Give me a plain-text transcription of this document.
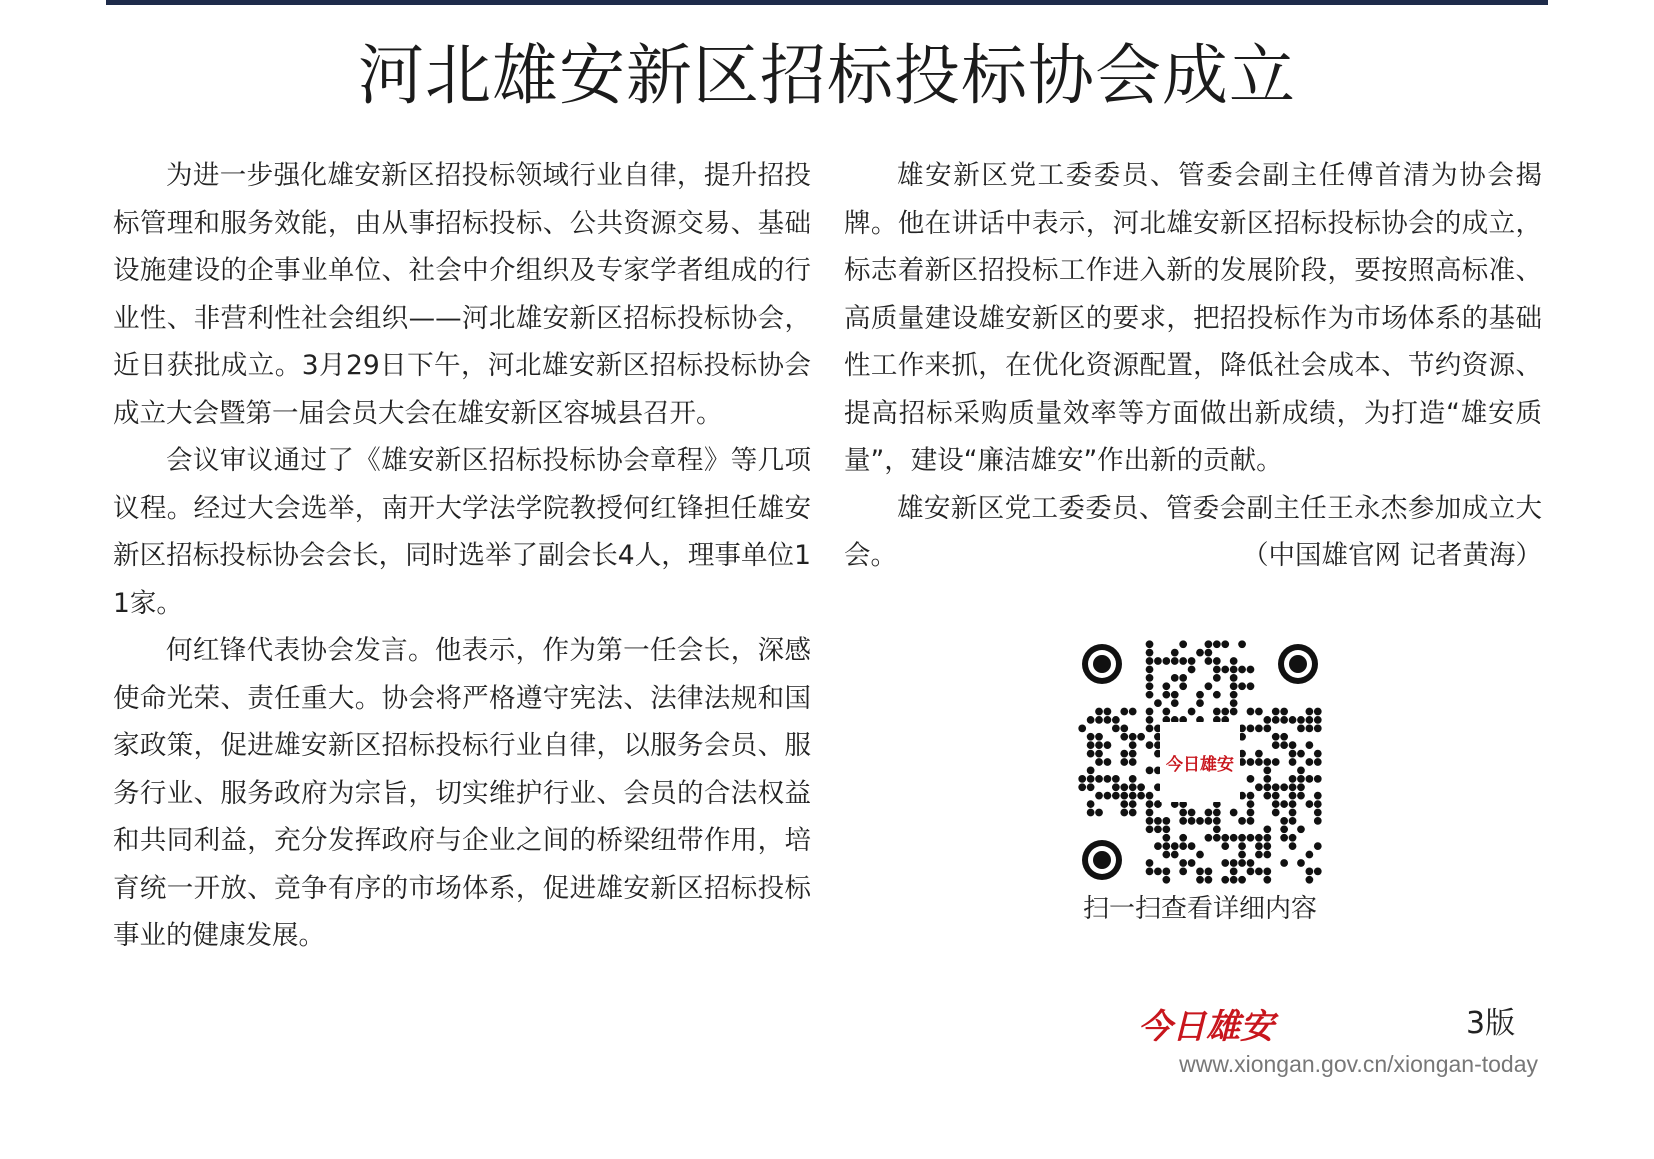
河北雄安新区招标投标协会成立

为进一步强化雄安新区招投标领域行业自律，提升招投标管理和服务效能，由从事招标投标、公共资源交易、基础设施建设的企事业单位、社会中介组织及专家学者组成的行业性、非营利性社会组织——河北雄安新区招标投标协会，近日获批成立。3月29日下午，河北雄安新区招标投标协会成立大会暨第一届会员大会在雄安新区容城县召开。

会议审议通过了《雄安新区招标投标协会章程》等几项议程。经过大会选举，南开大学法学院教授何红锋担任雄安新区招标投标协会会长，同时选举了副会长4人，理事单位11家。

何红锋代表协会发言。他表示，作为第一任会长，深感使命光荣、责任重大。协会将严格遵守宪法、法律法规和国家政策，促进雄安新区招标投标行业自律，以服务会员、服务行业、服务政府为宗旨，切实维护行业、会员的合法权益和共同利益，充分发挥政府与企业之间的桥梁纽带作用，培育统一开放、竞争有序的市场体系，促进雄安新区招标投标事业的健康发展。

雄安新区党工委委员、管委会副主任傅首清为协会揭牌。他在讲话中表示，河北雄安新区招标投标协会的成立，标志着新区招投标工作进入新的发展阶段，要按照高标准、高质量建设雄安新区的要求，把招投标作为市场体系的基础性工作来抓，在优化资源配置，降低社会成本、节约资源、提高招标采购质量效率等方面做出新成绩，为打造“雄安质量”，建设“廉洁雄安”作出新的贡献。

雄安新区党工委委员、管委会副主任王永杰参加成立大会。	（中国雄官网 记者黄海）

今日雄安
扫一扫查看详细内容
今日雄安	3版
www.xiongan.gov.cn/xiongan-today
